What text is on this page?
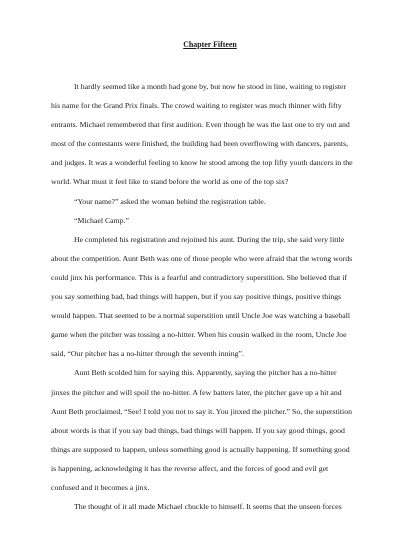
Chapter Fifteen
It hardly seemed like a month had gone by, but now he stood in line, waiting to register
his name for the Grand Prix finals. The crowd waiting to register was much thinner with fifty
entrants. Michael remembered that first audition. Even though he was the last one to try out and
most of the contestants were finished, the building had been overflowing with dancers, parents,
and judges. It was a wonderful feeling to know he stood among the top fifty youth dancers in the
world. What must it feel like to stand before the world as one of the top six?
“Your name?” asked the woman behind the registration table.
“Michael Camp.”
He completed his registration and rejoined his aunt. During the trip, she said very little
about the competition. Aunt Beth was one of those people who were afraid that the wrong words
could jinx his performance. This is a fearful and contradictory superstition. She believed that if
you say something bad, bad things will happen, but if you say positive things, positive things
would happen. That seemed to be a normal superstition until Uncle Joe was watching a baseball
game when the pitcher was tossing a no-hitter. When his cousin walked in the room, Uncle Joe
said, “Our pitcher has a no-hitter through the seventh inning”.
Aunt Beth scolded him for saying this. Apparently, saying the pitcher has a no-hitter
jinxes the pitcher and will spoil the no-hitter. A few batters later, the pitcher gave up a hit and
Aunt Beth proclaimed, “See! I told you not to say it. You jinxed the pitcher.” So, the superstition
about words is that if you say bad things, bad things will happen. If you say good things, good
things are supposed to happen, unless something good is actually happening. If something good
is happening, acknowledging it has the reverse affect, and the forces of good and evil get
confused and it becomes a jinx.
The thought of it all made Michael chuckle to himself. It seems that the unseen forces
